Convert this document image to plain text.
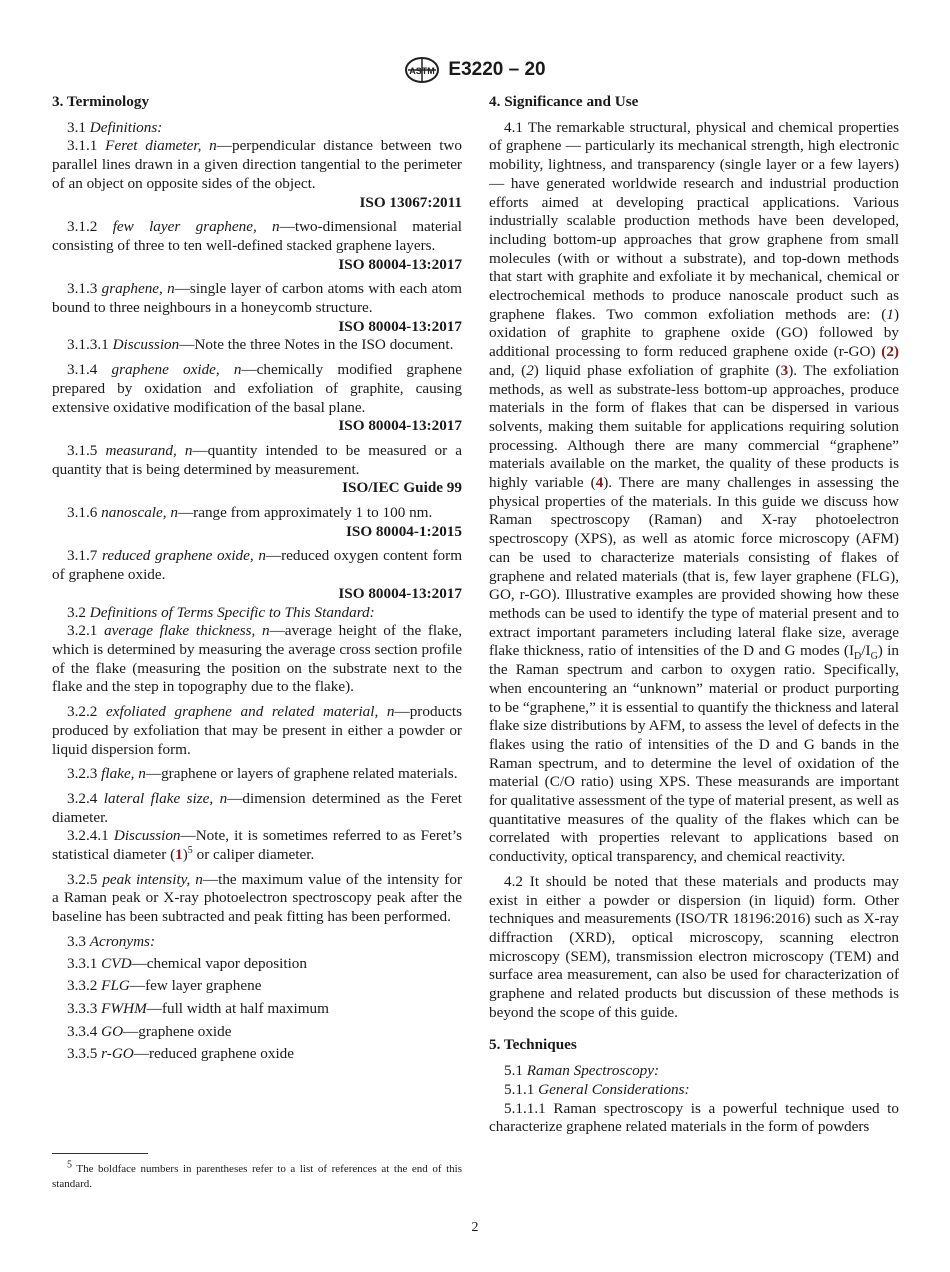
ASTM E3220 – 20

3. Terminology

3.1 Definitions:

3.1.1 Feret diameter, n—perpendicular distance between two parallel lines drawn in a given direction tangential to the perimeter of an object on opposite sides of the object.

ISO 13067:2011

3.1.2 few layer graphene, n—two-dimensional material consisting of three to ten well-defined stacked graphene layers.

ISO 80004-13:2017

3.1.3 graphene, n—single layer of carbon atoms with each atom bound to three neighbours in a honeycomb structure.

ISO 80004-13:2017

3.1.3.1 Discussion—Note the three Notes in the ISO document.

3.1.4 graphene oxide, n—chemically modified graphene prepared by oxidation and exfoliation of graphite, causing extensive oxidative modification of the basal plane.

ISO 80004-13:2017

3.1.5 measurand, n—quantity intended to be measured or a quantity that is being determined by measurement.

ISO/IEC Guide 99

3.1.6 nanoscale, n—range from approximately 1 to 100 nm.

ISO 80004-1:2015

3.1.7 reduced graphene oxide, n—reduced oxygen content form of graphene oxide.

ISO 80004-13:2017

3.2 Definitions of Terms Specific to This Standard:

3.2.1 average flake thickness, n—average height of the flake, which is determined by measuring the average cross section profile of the flake (measuring the position on the substrate next to the flake and the step in topography due to the flake).

3.2.2 exfoliated graphene and related material, n—products produced by exfoliation that may be present in either a powder or liquid dispersion form.

3.2.3 flake, n—graphene or layers of graphene related materials.

3.2.4 lateral flake size, n—dimension determined as the Feret diameter.

3.2.4.1 Discussion—Note, it is sometimes referred to as Feret’s statistical diameter $(1)^5$ or caliper diameter.

3.2.5 peak intensity, n—the maximum value of the intensity for a Raman peak or X-ray photoelectron spectroscopy peak after the baseline has been subtracted and peak fitting has been performed.

3.3 Acronyms:

3.3.1 CVD—chemical vapor deposition

3.3.2 FLG—few layer graphene

3.3.3 FWHM—full width at half maximum

3.3.4 GO—graphene oxide

3.3.5 r-GO—reduced graphene oxide

4. Significance and Use

4.1 The remarkable structural, physical and chemical properties of graphene — particularly its mechanical strength, high electronic mobility, lightness, and transparency (single layer or a few layers) — have generated worldwide research and industrial production efforts aimed at developing practical applications. Various industrially scalable production methods have been developed, including bottom-up approaches that grow graphene from small molecules (with or without a substrate), and top-down methods that start with graphite and exfoliate it by mechanical, chemical or electrochemical methods to produce nanoscale product such as graphene flakes. Two common exfoliation methods are: (1) oxidation of graphite to graphene oxide (GO) followed by additional processing to form reduced graphene oxide (r-GO) (2) and, (2) liquid phase exfoliation of graphite (3). The exfoliation methods, as well as substrate-less bottom-up approaches, produce materials in the form of flakes that can be dispersed in various solvents, making them suitable for applications requiring solution processing. Although there are many commercial “graphene” materials available on the market, the quality of these products is highly variable (4). There are many challenges in assessing the physical properties of the materials. In this guide we discuss how Raman spectroscopy (Raman) and X-ray photoelectron spectroscopy (XPS), as well as atomic force microscopy (AFM) can be used to characterize materials consisting of flakes of graphene and related materials (that is, few layer graphene (FLG), GO, r-GO). Illustrative examples are provided showing how these methods can be used to identify the type of material present and to extract important parameters including lateral flake size, average flake thickness, ratio of intensities of the D and G modes $(I_D/I_G)$ in the Raman spectrum and carbon to oxygen ratio. Specifically, when encountering an “unknown” material or product purporting to be “graphene,” it is essential to quantify the thickness and lateral flake size distributions by AFM, to assess the level of defects in the flakes using the ratio of intensities of the D and G bands in the Raman spectrum, and to determine the level of oxidation of the material (C/O ratio) using XPS. These measurands are important for qualitative assessment of the type of material present, as well as quantitative measures of the quality of the flakes which can be correlated with properties relevant to applications based on conductivity, optical transparency, and chemical reactivity.

4.2 It should be noted that these materials and products may exist in either a powder or dispersion (in liquid) form. Other techniques and measurements (ISO/TR 18196:2016) such as X-ray diffraction (XRD), optical microscopy, scanning electron microscopy (SEM), transmission electron microscopy (TEM) and surface area measurement, can also be used for characterization of graphene and related products but discussion of these methods is beyond the scope of this guide.

5. Techniques

5.1 Raman Spectroscopy:

5.1.1 General Considerations:

5.1.1.1 Raman spectroscopy is a powerful technique used to characterize graphene related materials in the form of powders

$^5$ The boldface numbers in parentheses refer to a list of references at the end of this standard.
2
